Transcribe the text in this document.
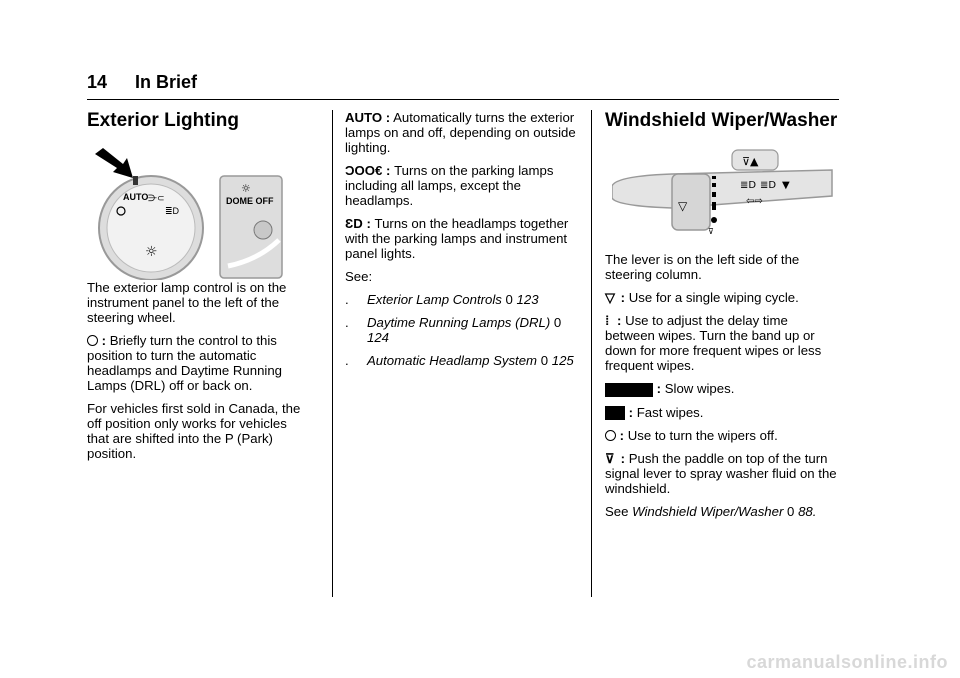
14 In Brief
Exterior Lighting

The exterior lamp control is on the instrument panel to the left of the steering wheel.

: Briefly turn the control to this position to turn the automatic headlamps and Daytime Running Lamps (DRL) off or back on.

For vehicles first sold in Canada, the off position only works for vehicles that are shifted into the P (Park) position.

AUTO ⋺⊂
≣D
☼
☼
DOME OFF

AUTO : Automatically turns the exterior lamps on and off, depending on outside lighting.

ƆOO€ : Turns on the parking lamps including all lamps, except the headlamps.

ƐD : Turns on the headlamps together with the parking lamps and instrument panel lights.

See:

. Exterior Lamp Controls 0 123
. Daytime Running Lamps (DRL) 0 124
. Automatic Headlamp System 0 125
Windshield Wiper/Washer

The lever is on the left side of the steering column.

▽ : Use for a single wiping cycle.

⁞ : Use to adjust the delay time between wipes. Turn the band up or down for more frequent wipes or less frequent wipes.

: Slow wipes.

: Fast wipes.

: Use to turn the wipers off.

⊽ : Push the paddle on top of the turn signal lever to spray washer fluid on the windshield.

See Windshield Wiper/Washer 0 88.

▽
⊽
⊽▲
≣D ≣D ▼
⇦⇨
carmanualsonline.info
